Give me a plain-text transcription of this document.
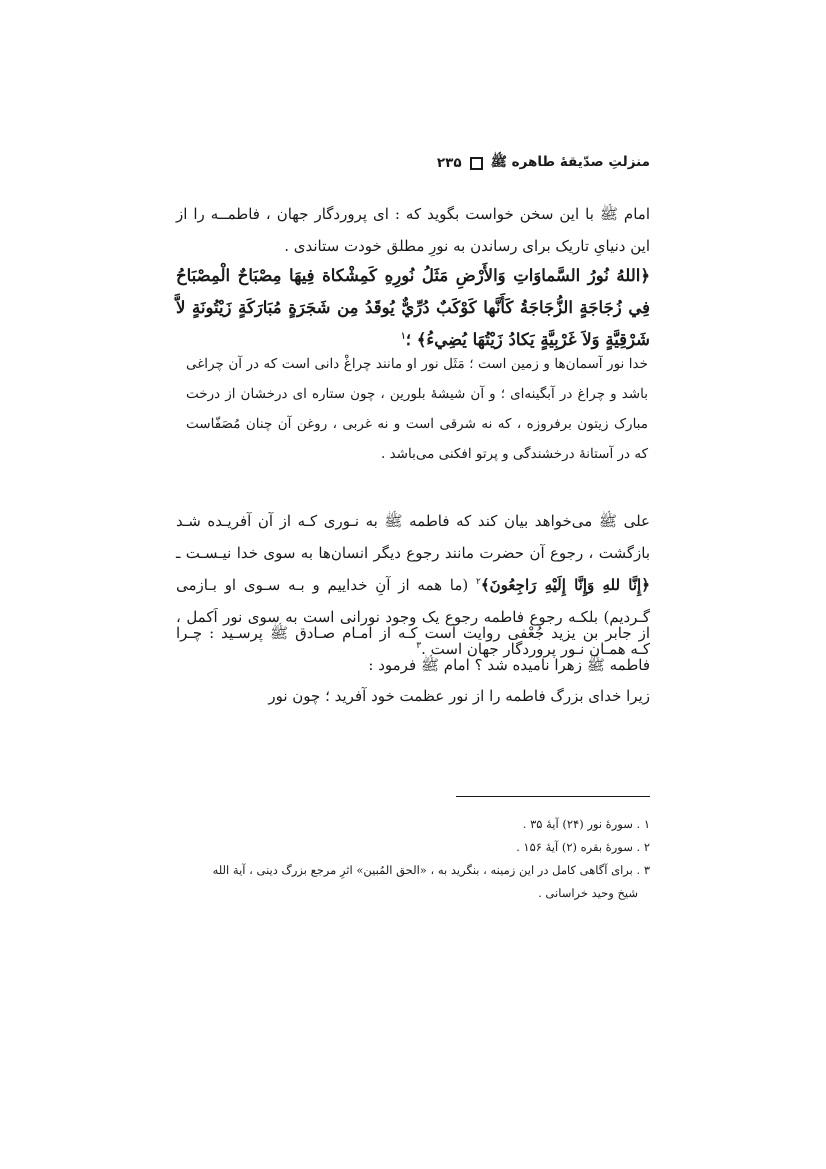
منزلتِ صدّیقهٔ طاهره ﷺ
۲۳۵

امام ﷺ با این سخن خواست بگوید که : ای پروردگار جهان ، فاطمــه را از این دنیایِ تاریک برای رساندن به نورِ مطلق خودت ستاندی .

﴿اللهُ نُورُ السَّماوَاتِ وَالأَرْضِ مَثَلُ نُورِهِ كَمِشْكاة فِيهَا مِصْبَاحٌ الْمِصْبَاحُ فِي زُجَاجَةٍ الزُّجَاجَةُ كَأَنَّها كَوْكَبٌ دُرِّيٌّ يُوقَدُ مِن شَجَرَةٍ مُبَارَكَةٍ زَيْتُونَةٍ لاَّ شَرْقِيَّةٍ وَلاَ غَرْبِيَّةٍ يَكادُ زَيْتُهَا يُضِيءُ﴾ ؛$^۱$

خدا نور آسمان‌ها و زمین است ؛ مَثَل نور او مانند چراغْ دانی است که در آن چراغی باشد و چراغ در آبگینه‌ای ؛ و آن شیشهٔ بلورین ، چون ستاره ای درخشان از درخت مبارک زیتون برفروزه ، که نه شرقی است و نه غربی ، روغن آن چنان مُصَفّاست که در آستانهٔ درخشندگی و پرتو افکنی می‌باشد .

علی ﷺ می‌خواهد بیان کند که فاطمه ﷺ به نـوری کـه از آن آفریـده شـد بازگشت ، رجوع آن حضرت مانند رجوع دیگر انسان‌ها به سوی خدا نیـسـت ـ ﴿إِنَّا للهِ وَإِنَّا إِلَيْهِ رَاجِعُونَ﴾$^۲$ (ما همه از آنِ خداییم و بـه سـوی او بـازمی گـردیم) بلکـه رجوع فاطمه رجوع یک وجود نورانی است به سوی نور اَکمل ، کـه همـان نـور پروردگار جهان است .$^۳$

از جابر بن یزید جُعْفی روایت است کـه از امـام صـادق ﷺ پرسـید : چـرا فاطمه ﷺ زهرا نامیده شد ؟ امام ﷺ فرمود :

زیرا خدای بزرگ فاطمه را از نور عظمت خود آفرید ؛ چون نور

۱ . سورهٔ نور (۲۴) آیهٔ ۳۵ .
۲ . سورهٔ بقره (۲) آیهٔ ۱۵۶ .
۳ . برای آگاهی کامل در این زمینه ، بنگرید به ، «الحق المُبین» اثرِ مرجع بزرگ دینی ، آیة الله
شیخ وحید خراسانی .
